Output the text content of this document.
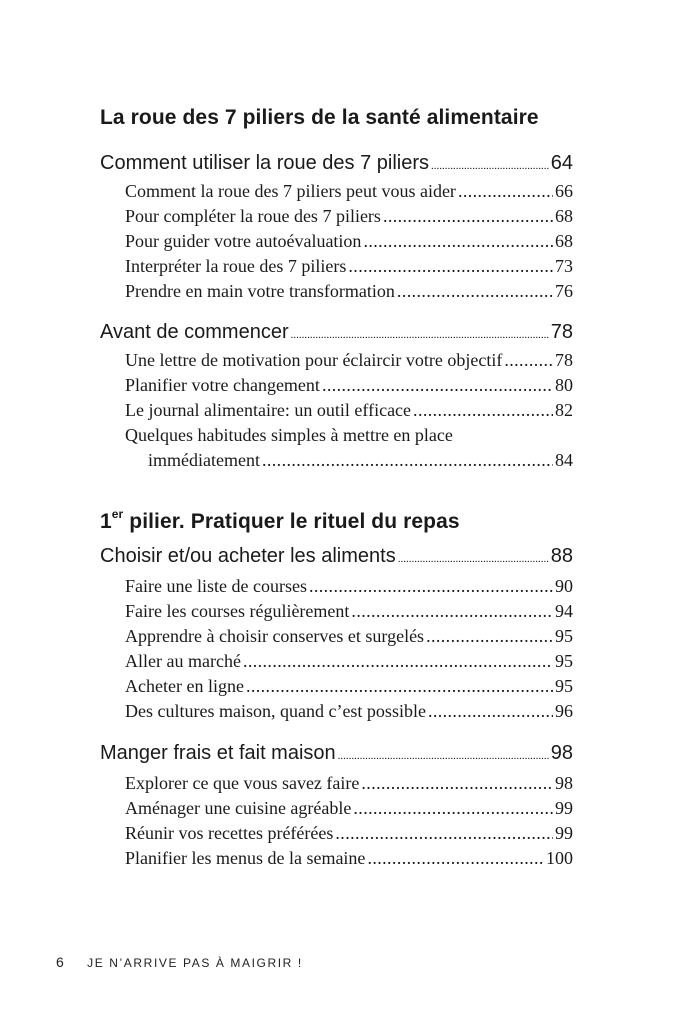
La roue des 7 piliers de la santé alimentaire
Comment utiliser la roue des 7 piliers .....	64
Comment la roue des 7 piliers peut vous aider .....	66
Pour compléter la roue des 7 piliers .....	68
Pour guider votre autoévaluation .....	68
Interpréter la roue des 7 piliers .....	73
Prendre en main votre transformation .....	76
Avant de commencer .....	78
Une lettre de motivation pour éclaircir votre objectif .....	78
Planifier votre changement .....	80
Le journal alimentaire: un outil efficace .....	82
Quelques habitudes simples à mettre en place
immédiatement .....	84
1er pilier. Pratiquer le rituel du repas
Choisir et/ou acheter les aliments .....	88
Faire une liste de courses .....	90
Faire les courses régulièrement .....	94
Apprendre à choisir conserves et surgelés .....	95
Aller au marché .....	95
Acheter en ligne .....	95
Des cultures maison, quand c’est possible .....	96
Manger frais et fait maison .....	98
Explorer ce que vous savez faire .....	98
Aménager une cuisine agréable .....	99
Réunir vos recettes préférées .....	99
Planifier les menus de la semaine .....	100
6 JE N’ARRIVE PAS À MAIGRIR !
